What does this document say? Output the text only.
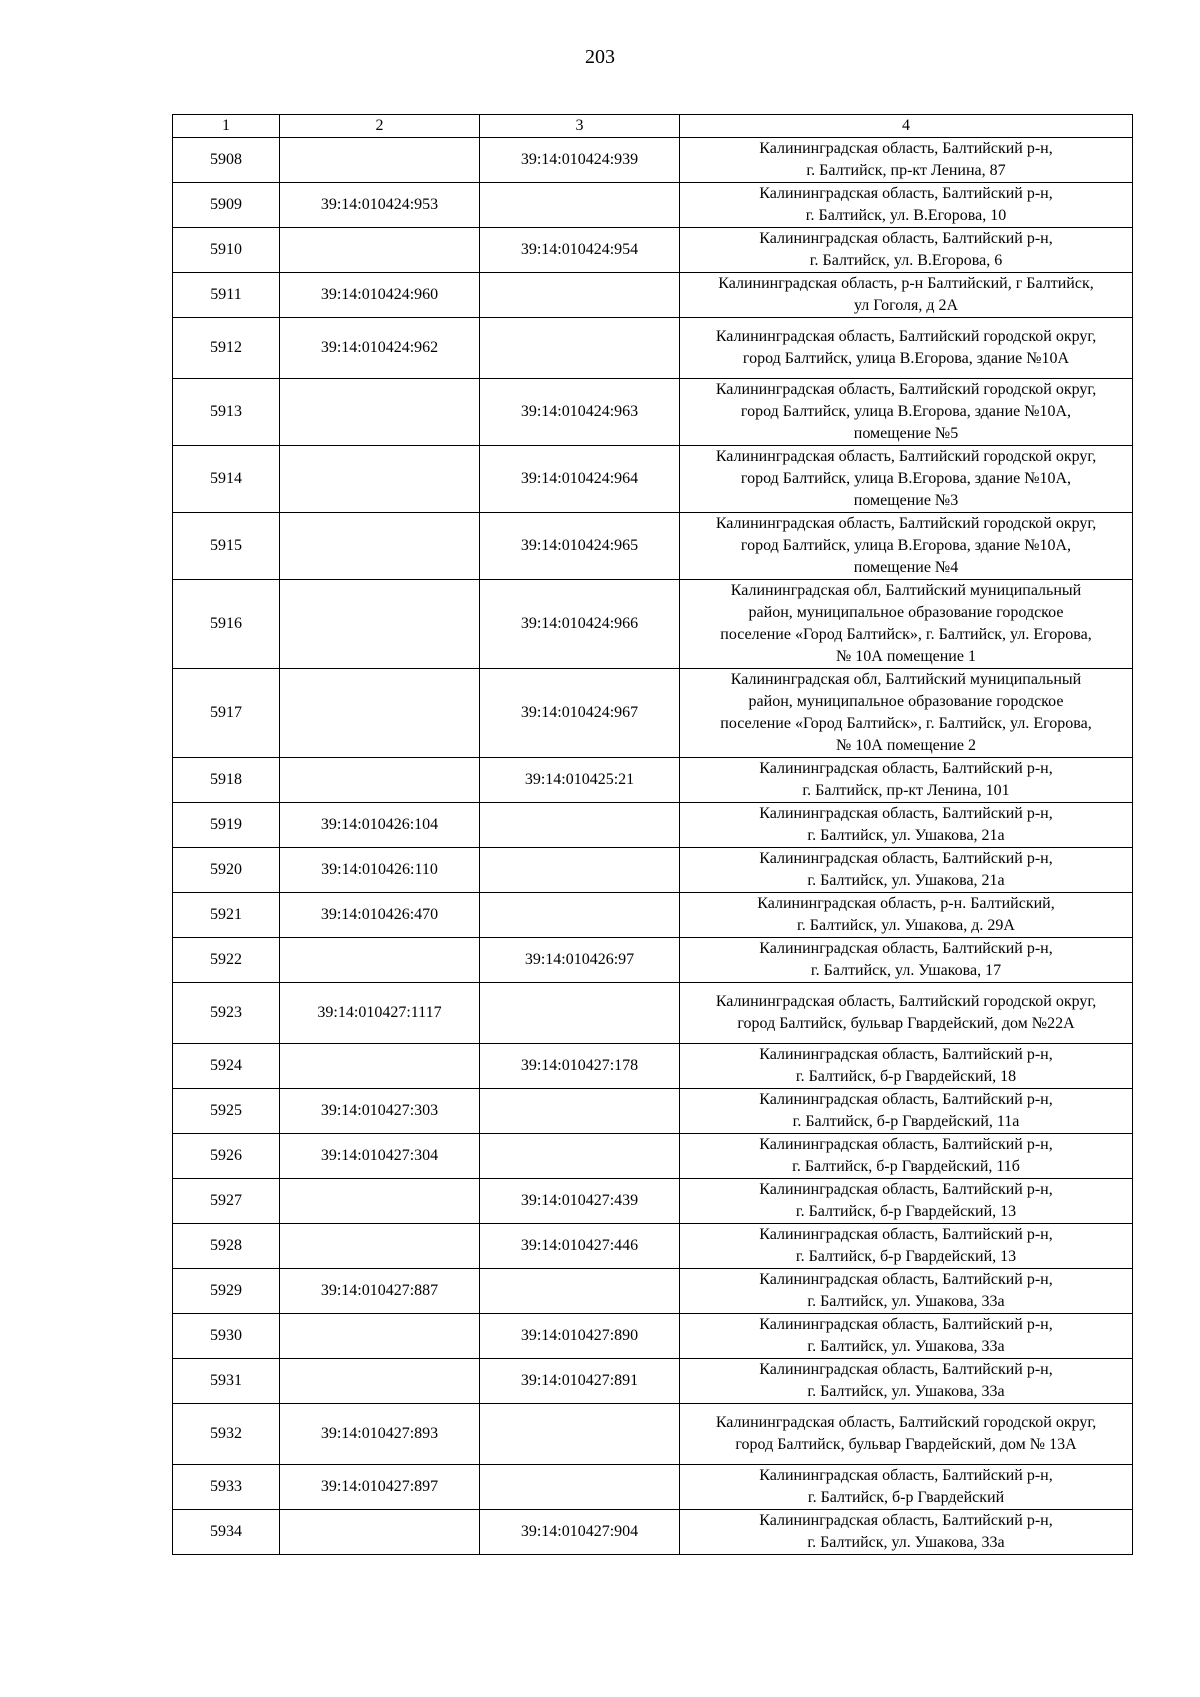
203
1	2	3	4
5908		39:14:010424:939	Калининградская область, Балтийский р-н,
г. Балтийск, пр-кт Ленина, 87
5909	39:14:010424:953		Калининградская область, Балтийский р-н,
г. Балтийск, ул. В.Егорова, 10
5910		39:14:010424:954	Калининградская область, Балтийский р-н,
г. Балтийск, ул. В.Егорова, 6
5911	39:14:010424:960		Калининградская область, р-н Балтийский, г Балтийск,
ул Гоголя, д 2А
5912	39:14:010424:962		Калининградская область, Балтийский городской округ,
город Балтийск, улица В.Егорова, здание №10А
5913		39:14:010424:963	Калининградская область, Балтийский городской округ,
город Балтийск, улица В.Егорова, здание №10А,
помещение №5
5914		39:14:010424:964	Калининградская область, Балтийский городской округ,
город Балтийск, улица В.Егорова, здание №10А,
помещение №3
5915		39:14:010424:965	Калининградская область, Балтийский городской округ,
город Балтийск, улица В.Егорова, здание №10А,
помещение №4
5916		39:14:010424:966	Калининградская обл, Балтийский муниципальный
район, муниципальное образование городское
поселение «Город Балтийск», г. Балтийск, ул. Егорова,
№ 10А помещение 1
5917		39:14:010424:967	Калининградская обл, Балтийский муниципальный
район, муниципальное образование городское
поселение «Город Балтийск», г. Балтийск, ул. Егорова,
№ 10А помещение 2
5918		39:14:010425:21	Калининградская область, Балтийский р-н,
г. Балтийск, пр-кт Ленина, 101
5919	39:14:010426:104		Калининградская область, Балтийский р-н,
г. Балтийск, ул. Ушакова, 21а
5920	39:14:010426:110		Калининградская область, Балтийский р-н,
г. Балтийск, ул. Ушакова, 21а
5921	39:14:010426:470		Калининградская область, р-н. Балтийский,
г. Балтийск, ул. Ушакова, д. 29А
5922		39:14:010426:97	Калининградская область, Балтийский р-н,
г. Балтийск, ул. Ушакова, 17
5923	39:14:010427:1117		Калининградская область, Балтийский городской округ,
город Балтийск, бульвар Гвардейский, дом №22А
5924		39:14:010427:178	Калининградская область, Балтийский р-н,
г. Балтийск, б-р Гвардейский, 18
5925	39:14:010427:303		Калининградская область, Балтийский р-н,
г. Балтийск, б-р Гвардейский, 11а
5926	39:14:010427:304		Калининградская область, Балтийский р-н,
г. Балтийск, б-р Гвардейский, 11б
5927		39:14:010427:439	Калининградская область, Балтийский р-н,
г. Балтийск, б-р Гвардейский, 13
5928		39:14:010427:446	Калининградская область, Балтийский р-н,
г. Балтийск, б-р Гвардейский, 13
5929	39:14:010427:887		Калининградская область, Балтийский р-н,
г. Балтийск, ул. Ушакова, 33а
5930		39:14:010427:890	Калининградская область, Балтийский р-н,
г. Балтийск, ул. Ушакова, 33а
5931		39:14:010427:891	Калининградская область, Балтийский р-н,
г. Балтийск, ул. Ушакова, 33а
5932	39:14:010427:893		Калининградская область, Балтийский городской округ,
город Балтийск, бульвар Гвардейский, дом № 13А
5933	39:14:010427:897		Калининградская область, Балтийский р-н,
г. Балтийск, б-р Гвардейский
5934		39:14:010427:904	Калининградская область, Балтийский р-н,
г. Балтийск, ул. Ушакова, 33а
